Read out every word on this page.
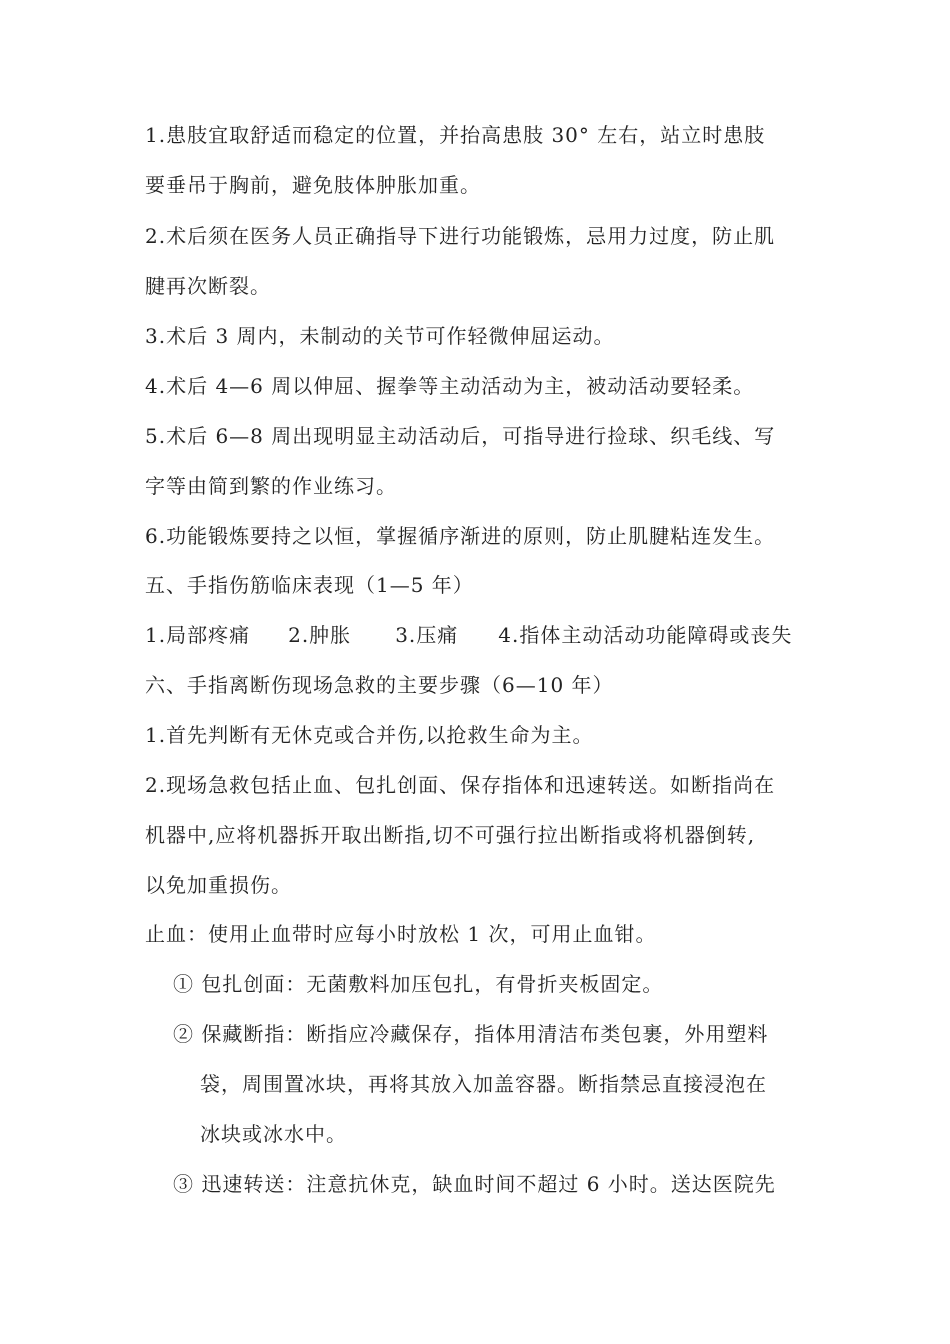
1.患肢宜取舒适而稳定的位置，并抬高患肢 30° 左右，站立时患肢
要垂吊于胸前，避免肢体肿胀加重。
2.术后须在医务人员正确指导下进行功能锻炼，忌用力过度，防止肌
腱再次断裂。
3.术后 3 周内，未制动的关节可作轻微伸屈运动。
4.术后 4—6 周以伸屈、握拳等主动活动为主，被动活动要轻柔。
5.术后 6—8 周出现明显主动活动后，可指导进行捡球、织毛线、写
字等由简到繁的作业练习。
6.功能锻炼要持之以恒，掌握循序渐进的原则，防止肌腱粘连发生。
五、手指伤筋临床表现（1—5 年）
1.局部疼痛 2.肿胀 3.压痛 4.指体主动活动功能障碍或丧失
六、手指离断伤现场急救的主要步骤（6—10 年）
1.首先判断有无休克或合并伤,以抢救生命为主。
2.现场急救包括止血、包扎创面、保存指体和迅速转送。如断指尚在
机器中,应将机器拆开取出断指,切不可强行拉出断指或将机器倒转,
以免加重损伤。
止血：使用止血带时应每小时放松 1 次，可用止血钳。
① 包扎创面：无菌敷料加压包扎，有骨折夹板固定。
② 保藏断指：断指应冷藏保存，指体用清洁布类包裹，外用塑料
袋，周围置冰块，再将其放入加盖容器。断指禁忌直接浸泡在
冰块或冰水中。
③ 迅速转送：注意抗休克，缺血时间不超过 6 小时。送达医院先
